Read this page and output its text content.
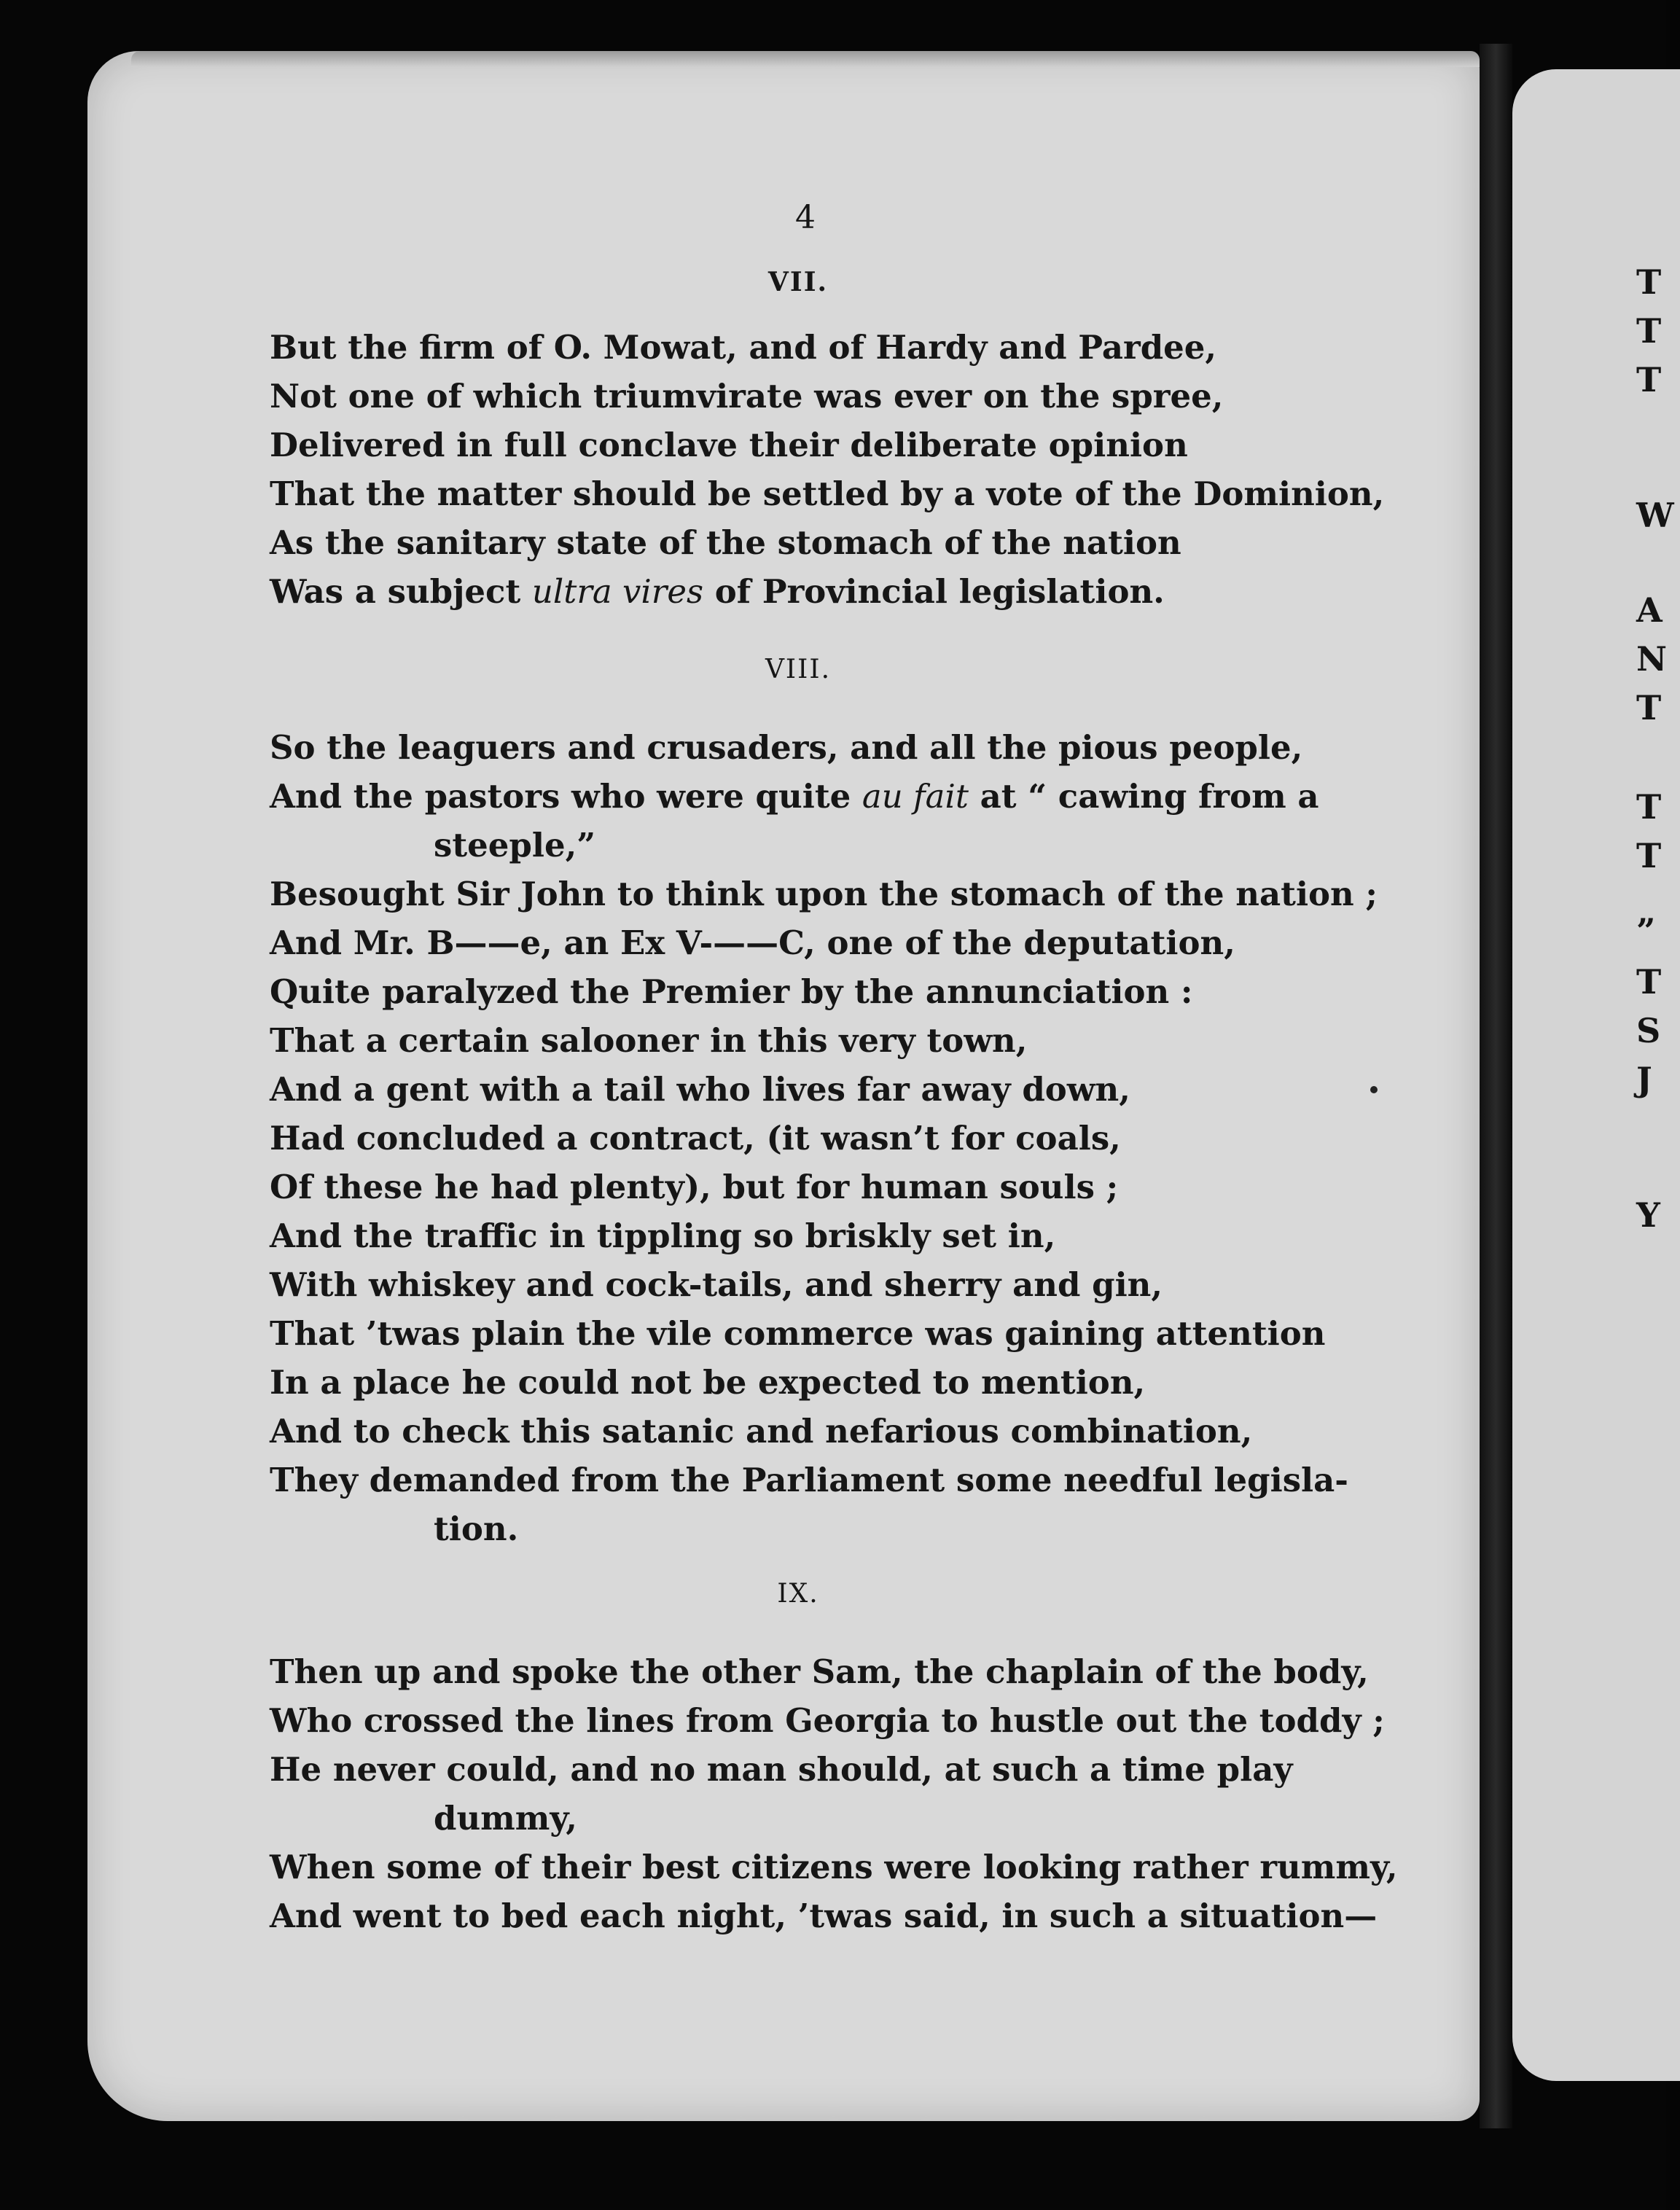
T
T
T
W
A
N
T
T
T
”
T
S
J
Y
4
VII.
But the firm of O. Mowat, and of Hardy and Pardee,
Not one of which triumvirate was ever on the spree,
Delivered in full conclave their deliberate opinion
That the matter should be settled by a vote of the Dominion,
As the sanitary state of the stomach of the nation
Was a subject ultra vires of Provincial legislation.
VIII.
So the leaguers and crusaders, and all the pious people,
And the pastors who were quite au fait at “ cawing from a
steeple,”
Besought Sir John to think upon the stomach of the nation ;
And Mr. B——e, an Ex V-——C, one of the deputation,
Quite paralyzed the Premier by the annunciation :
That a certain salooner in this very town,
And a gent with a tail who lives far away down,
Had concluded a contract, (it wasn’t for coals,
Of these he had plenty), but for human souls ;
And the traffic in tippling so briskly set in,
With whiskey and cock-tails, and sherry and gin,
That ’twas plain the vile commerce was gaining attention
In a place he could not be expected to mention,
And to check this satanic and nefarious combination,
They demanded from the Parliament some needful legisla-
tion.
IX.
Then up and spoke the other Sam, the chaplain of the body,
Who crossed the lines from Georgia to hustle out the toddy ;
He never could, and no man should, at such a time play
dummy,
When some of their best citizens were looking rather rummy,
And went to bed each night, ’twas said, in such a situation—
